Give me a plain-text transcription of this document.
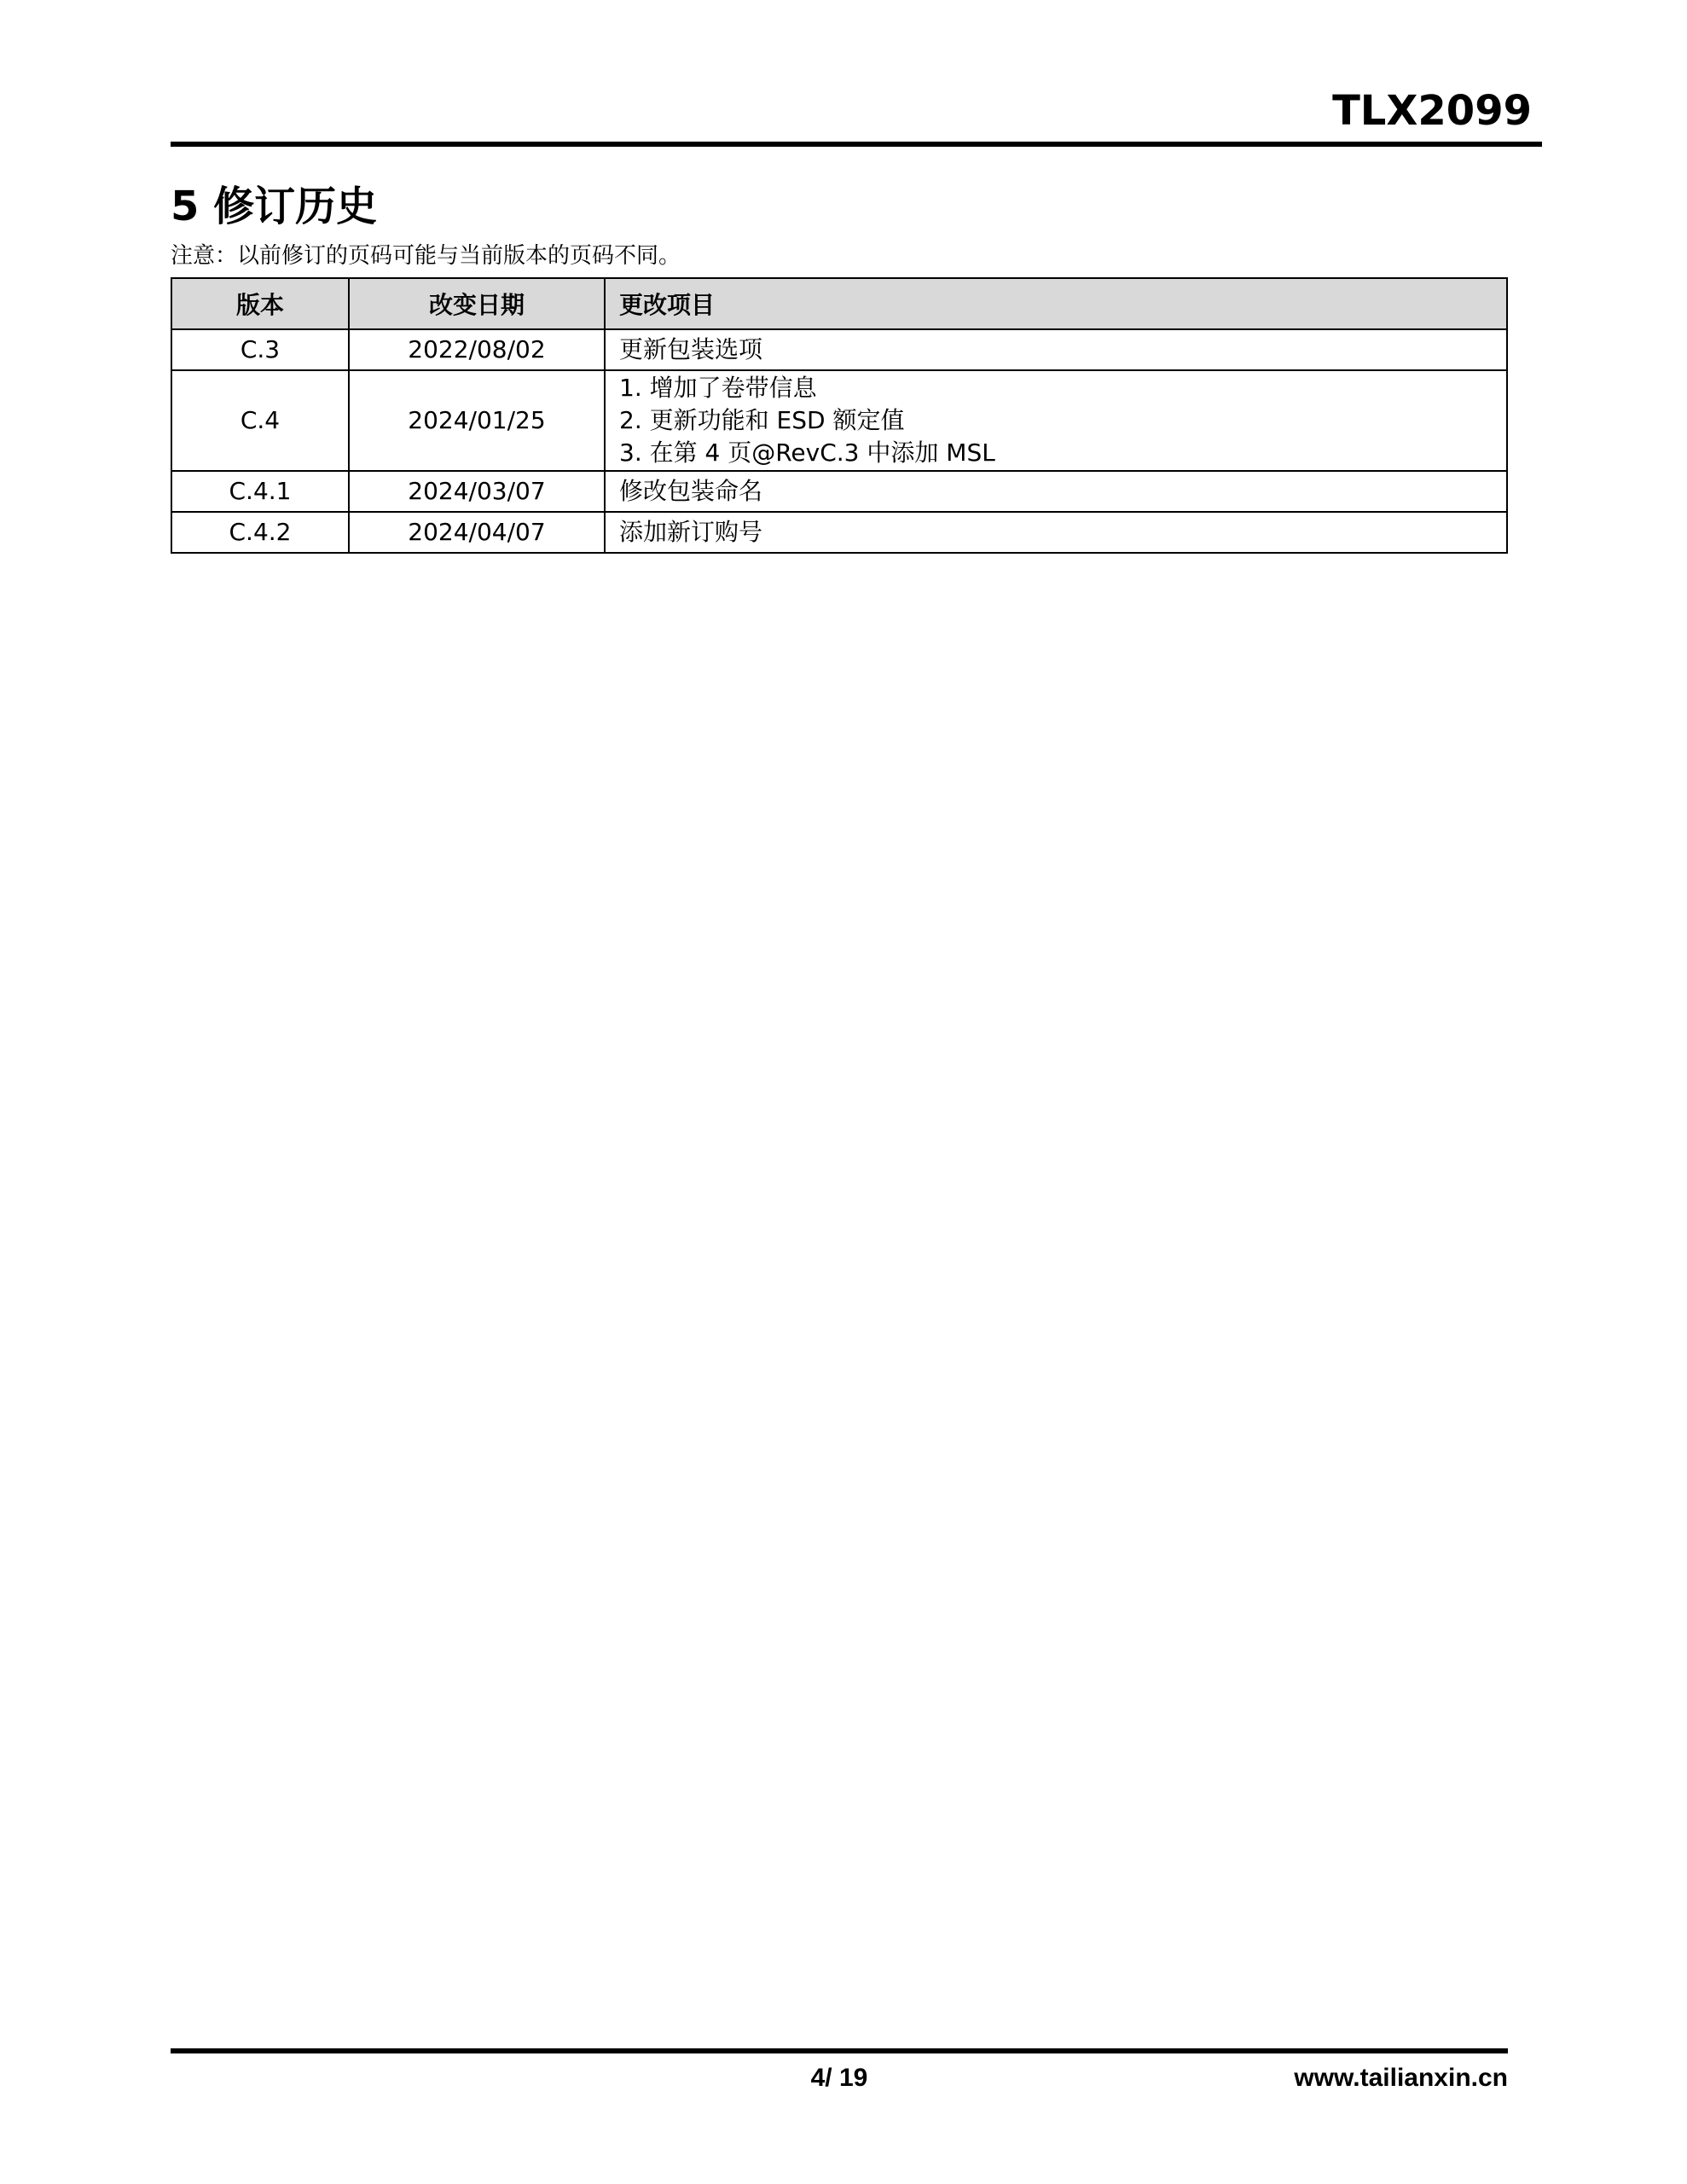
TLX2099
5 修订历史
注意：以前修订的页码可能与当前版本的页码不同。
版本	改变日期	更改项目
C.3	2022/08/02	更新包装选项

C.4	2024/01/25	1. 增加了卷带信息
2. 更新功能和 ESD 额定值
3. 在第 4 页@RevC.3 中添加 MSL

C.4.1	2024/03/07	修改包装命名

C.4.2	2024/04/07	添加新订购号
4/ 19	www.tailianxin.cn
